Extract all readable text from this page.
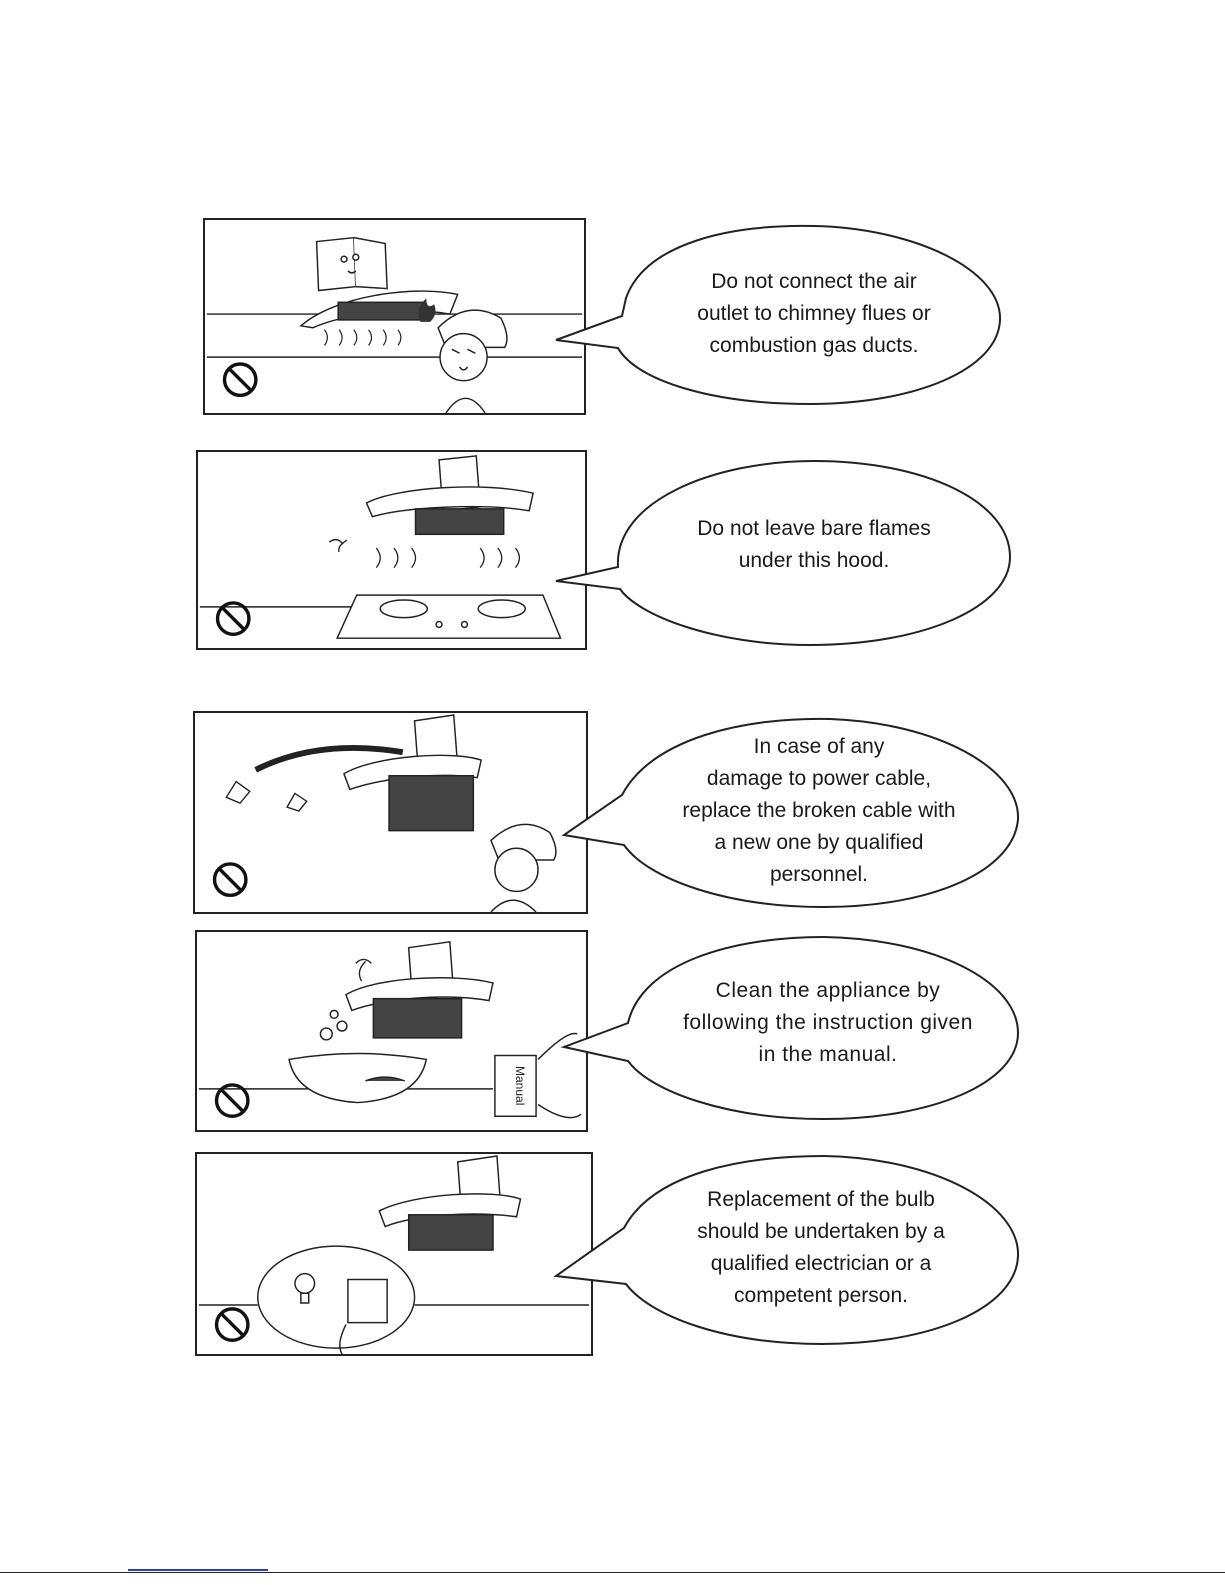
Do not connect the air
outlet to chimney flues or
combustion gas ducts.
Do not leave bare flames
under this hood.
In case of any
damage to power cable,
replace the broken cable with
a new one by qualified
personnel.
Manual
Clean the appliance by
following the instruction given
in the manual.
Replacement of the bulb
should be undertaken by a
qualified electrician or a
competent person.
